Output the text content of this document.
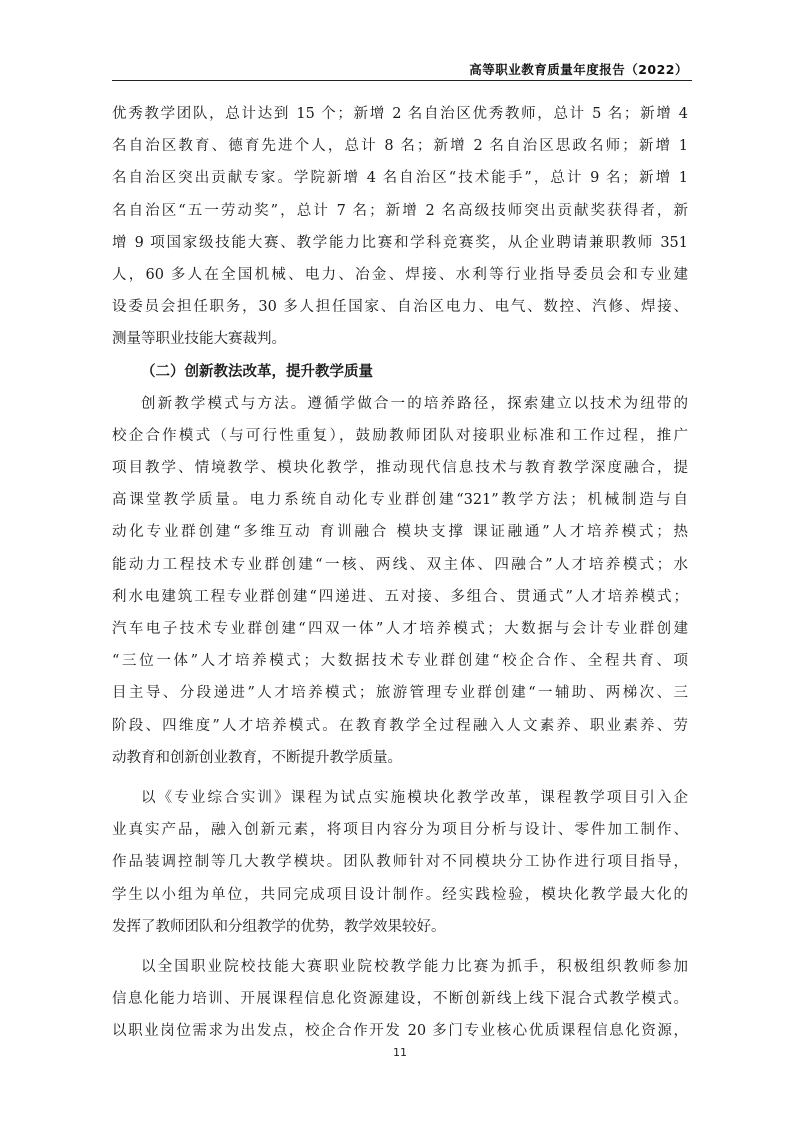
高等职业教育质量年度报告（2022）
优秀教学团队，总计达到 15 个；新增 2 名自治区优秀教师，总计 5 名；新增 4
名自治区教育、德育先进个人，总计 8 名；新增 2 名自治区思政名师；新增 1
名自治区突出贡献专家。学院新增 4 名自治区“技术能手”，总计 9 名；新增 1
名自治区“五一劳动奖”，总计 7 名；新增 2 名高级技师突出贡献奖获得者，新
增 9 项国家级技能大赛、教学能力比赛和学科竞赛奖，从企业聘请兼职教师 351
人，60 多人在全国机械、电力、冶金、焊接、水利等行业指导委员会和专业建
设委员会担任职务，30 多人担任国家、自治区电力、电气、数控、汽修、焊接、
测量等职业技能大赛裁判。
（二）创新教法改革，提升教学质量
创新教学模式与方法。遵循学做合一的培养路径，探索建立以技术为纽带的
校企合作模式（与可行性重复），鼓励教师团队对接职业标准和工作过程，推广
项目教学、情境教学、模块化教学，推动现代信息技术与教育教学深度融合，提
高课堂教学质量。电力系统自动化专业群创建“321”教学方法；机械制造与自
动化专业群创建“多维互动 育训融合 模块支撑 课证融通”人才培养模式；热
能动力工程技术专业群创建“一核、两线、双主体、四融合”人才培养模式；水
利水电建筑工程专业群创建“四递进、五对接、多组合、贯通式”人才培养模式；
汽车电子技术专业群创建“四双一体”人才培养模式；大数据与会计专业群创建
“三位一体”人才培养模式；大数据技术专业群创建“校企合作、全程共育、项
目主导、分段递进”人才培养模式；旅游管理专业群创建“一辅助、两梯次、三
阶段、四维度”人才培养模式。在教育教学全过程融入人文素养、职业素养、劳
动教育和创新创业教育，不断提升教学质量。
以《专业综合实训》课程为试点实施模块化教学改革，课程教学项目引入企
业真实产品，融入创新元素，将项目内容分为项目分析与设计、零件加工制作、
作品装调控制等几大教学模块。团队教师针对不同模块分工协作进行项目指导，
学生以小组为单位，共同完成项目设计制作。经实践检验，模块化教学最大化的
发挥了教师团队和分组教学的优势，教学效果较好。
以全国职业院校技能大赛职业院校教学能力比赛为抓手，积极组织教师参加
信息化能力培训、开展课程信息化资源建设，不断创新线上线下混合式教学模式。
以职业岗位需求为出发点，校企合作开发 20 多门专业核心优质课程信息化资源，
11
